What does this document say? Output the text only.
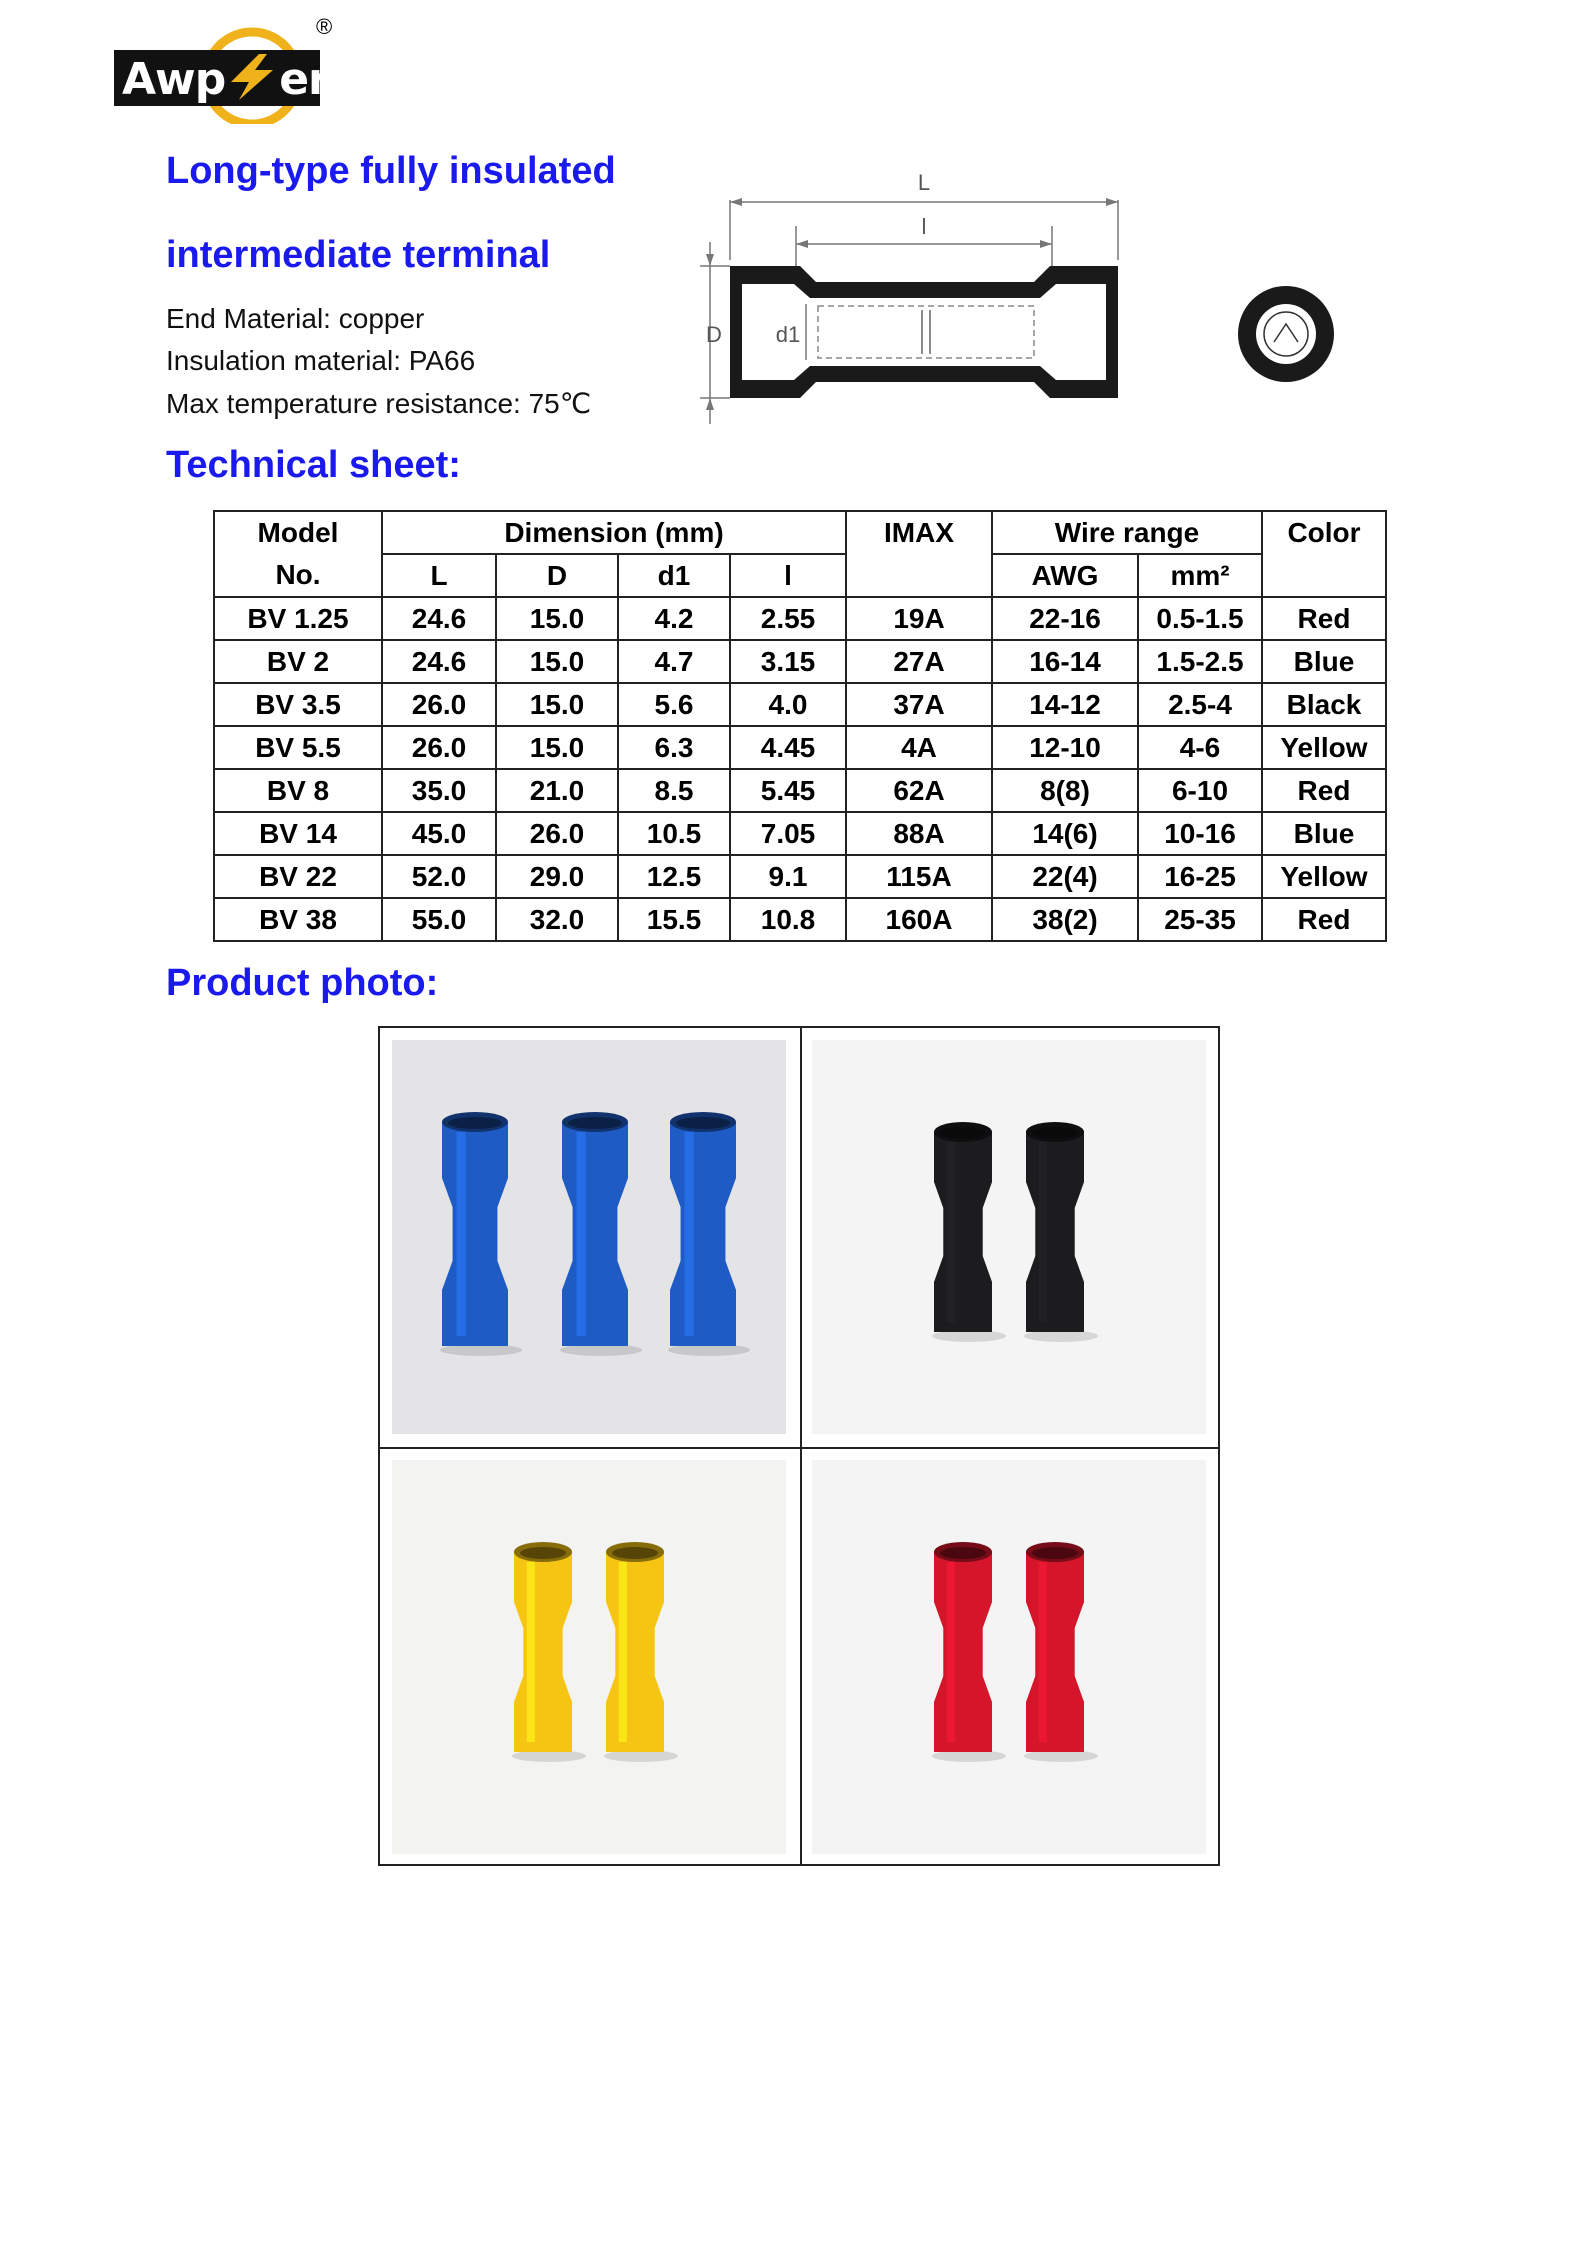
Awp er
®
Long-type fully insulated
intermediate terminal
End Material: copper
Insulation material: PA66
Max temperature resistance: 75℃
L
l
D d1
Technical sheet:
Model	Dimension (mm)				IMAX	Wire range		Color
No.	L	D	d1	l		AWG	mm²	
BV 1.25	24.6	15.0	4.2	2.55	19A	22-16	0.5-1.5	Red
BV 2	24.6	15.0	4.7	3.15	27A	16-14	1.5-2.5	Blue
BV 3.5	26.0	15.0	5.6	4.0	37A	14-12	2.5-4	Black
BV 5.5	26.0	15.0	6.3	4.45	4A	12-10	4-6	Yellow
BV 8	35.0	21.0	8.5	5.45	62A	8(8)	6-10	Red
BV 14	45.0	26.0	10.5	7.05	88A	14(6)	10-16	Blue
BV 22	52.0	29.0	12.5	9.1	115A	22(4)	16-25	Yellow
BV 38	55.0	32.0	15.5	10.8	160A	38(2)	25-35	Red
Product photo:
